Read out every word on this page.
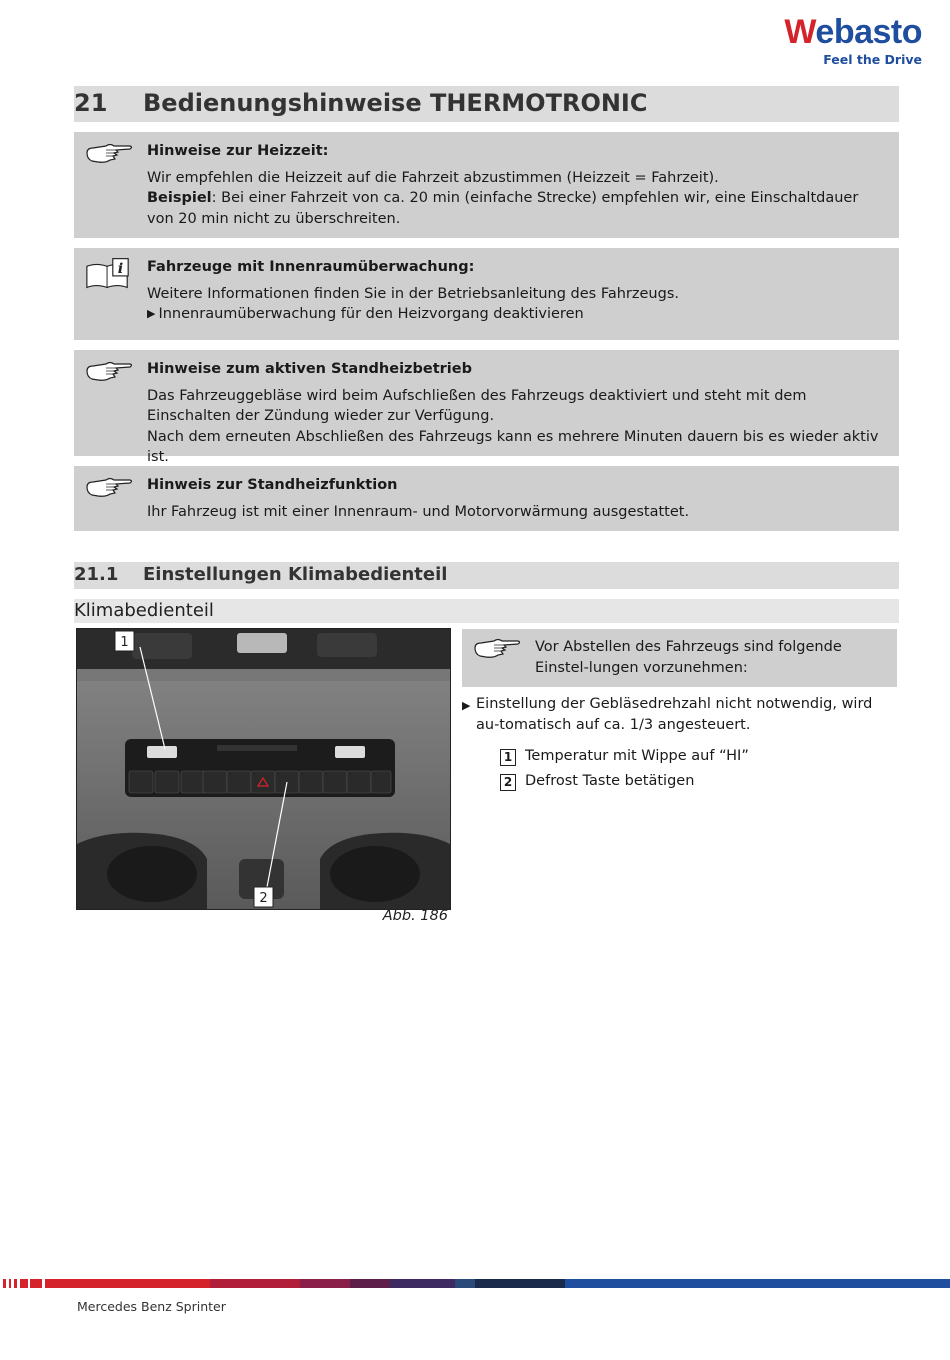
Webasto
Feel the Drive
21 Bedienungshinweise THERMOTRONIC
Hinweise zur Heizzeit:

Wir empfehlen die Heizzeit auf die Fahrzeit abzustimmen (Heizzeit = Fahrzeit).

Beispiel: Bei einer Fahrzeit von ca. 20 min (einfache Strecke) empfehlen wir, eine Einschaltdauer von 20 min nicht zu überschreiten.

i Fahrzeuge mit Innenraumüberwachung:

Weitere Informationen finden Sie in der Betriebsanleitung des Fahrzeugs.

▶ Innenraumüberwachung für den Heizvorgang deaktivieren

Hinweise zum aktiven Standheizbetrieb

Das Fahrzeuggebläse wird beim Aufschließen des Fahrzeugs deaktiviert und steht mit dem Einschalten der Zündung wieder zur Verfügung.

Nach dem erneuten Abschließen des Fahrzeugs kann es mehrere Minuten dauern bis es wieder aktiv ist.

Hinweis zur Standheizfunktion

Ihr Fahrzeug ist mit einer Innenraum- und Motorvorwärmung ausgestattet.

21.1 Einstellungen Klimabedienteil
Klimabedienteil
1
2
Abb. 186
Vor Abstellen des Fahrzeugs sind folgende Einstel-lungen vorzunehmen:
▶ Einstellung der Gebläsedrehzahl nicht notwendig, wird au-tomatisch auf ca. 1/3 angesteuert.
1 Temperatur mit Wippe auf “HI”
2 Defrost Taste betätigen
Mercedes Benz Sprinter
